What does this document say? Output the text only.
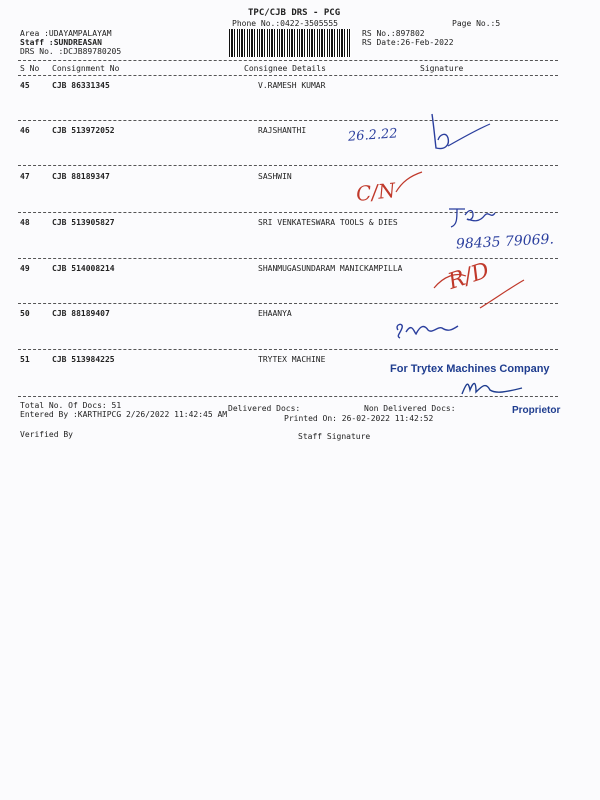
TPC/CJB DRS - PCG
Phone No.:0422-3505555	Page No.:5
Area :UDAYAMPALAYAM
Staff :SUNDREASAN
DRS No. :DCJB89780205
RS No.:897802
RS Date:26-Feb-2022
S No Consignment No	Consignee Details	Signature
45	CJB 86331345	V.RAMESH KUMAR
46	CJB 513972052	RAJSHANTHI
47	CJB 88189347	SASHWIN
48	CJB 513905827	SRI VENKATESWARA TOOLS & DIES
49	CJB 514008214	SHANMUGASUNDARAM MANICKAMPILLA
50	CJB 88189407	EHAANYA
51	CJB 513984225	TRYTEX MACHINE
26.2.22
C/N
98435 79069.
R/D
For Trytex Machines Company
Proprietor
Total No. Of Docs: 51	Delivered Docs:	Non Delivered Docs:
Entered By :KARTHIPCG 2/26/2022 11:42:45 AM	Printed On: 26-02-2022 11:42:52
Verified By	Staff Signature
